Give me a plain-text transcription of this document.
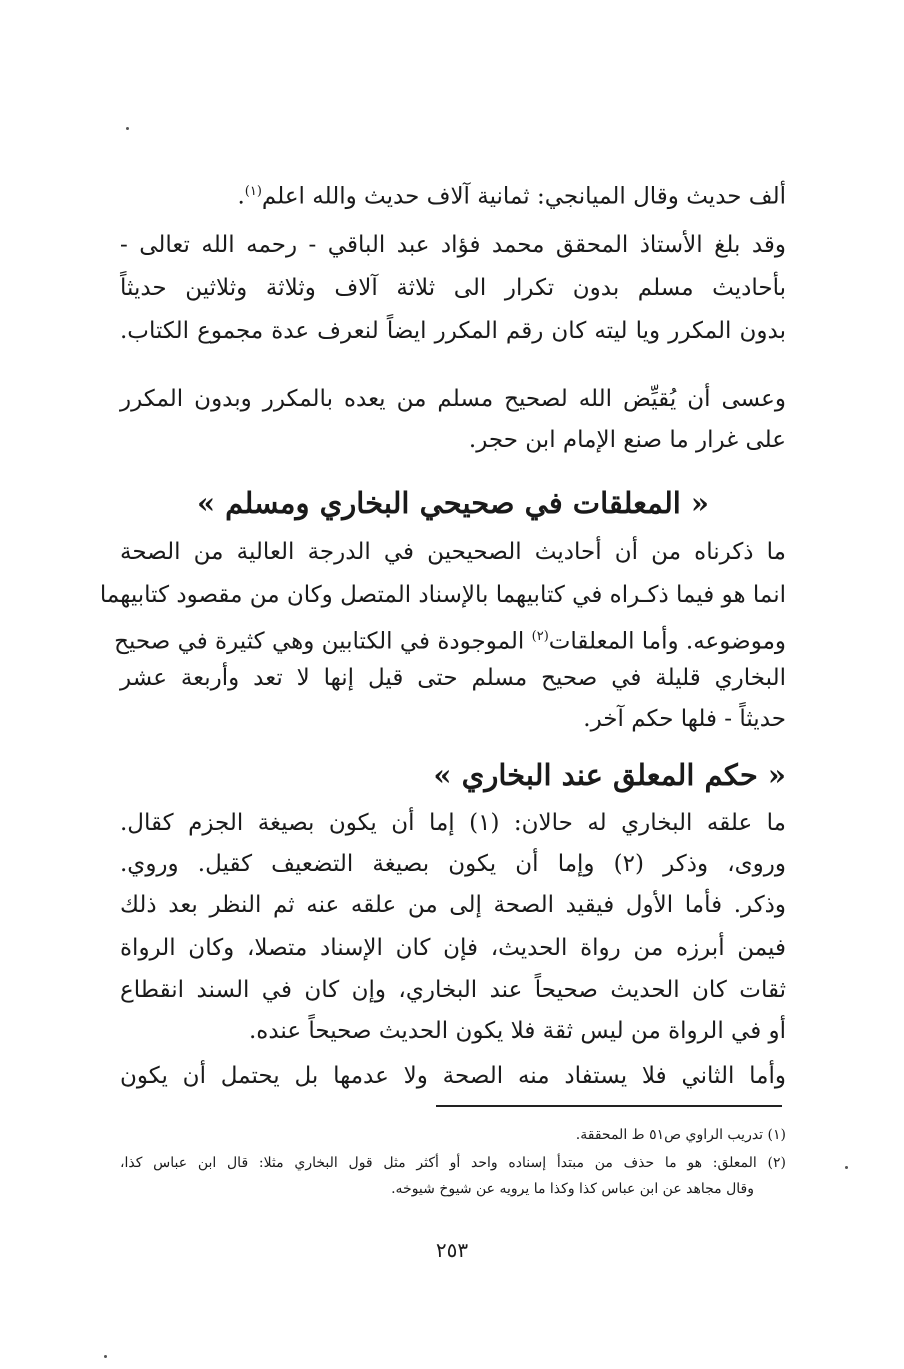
ألف حديث وقال الميانجي: ثمانية آلاف حديث والله اعلم$^{(١)}$.
وقد بلغ الأستاذ المحقق محمد فؤاد عبد الباقي - رحمه الله تعالى -
بأحاديث مسلم بدون تكرار الى ثلاثة آلاف وثلاثة وثلاثين حديثاً
بدون المكرر ويا ليته كان رقم المكرر ايضاً لنعرف عدة مجموع الكتاب.
وعسى أن يُقيِّض الله لصحيح مسلم من يعده بالمكرر وبدون المكرر
على غرار ما صنع الإمام ابن حجر.
« المعلقات في صحيحي البخاري ومسلم »
ما ذكرناه من أن أحاديث الصحيحين في الدرجة العالية من الصحة
انما هو فيما ذكـراه في كتابيهما بالإسناد المتصل وكان من مقصود كتابيهما
وموضوعه. وأما المعلقات$^{(٢)}$ الموجودة في الكتابين وهي كثيرة في صحيح
البخاري قليلة في صحيح مسلم حتى قيل إنها لا تعد وأربعة عشر
حديثاً - فلها حكم آخر.
« حكم المعلق عند البخاري »
ما علقه البخاري له حالان: (١) إما أن يكون بصيغة الجزم كقال.
وروى، وذكر (٢) وإما أن يكون بصيغة التضعيف كقيل. وروي.
وذكر. فأما الأول فيقيد الصحة إلى من علقه عنه ثم النظر بعد ذلك
فيمن أبرزه من رواة الحديث، فإن كان الإسناد متصلا، وكان الرواة
ثقات كان الحديث صحيحاً عند البخاري، وإن كان في السند انقطاع
أو في الرواة من ليس ثقة فلا يكون الحديث صحيحاً عنده.
وأما الثاني فلا يستفاد منه الصحة ولا عدمها بل يحتمل أن يكون
(١) تدريب الراوي ص٥١ ط المحققة.
(٢) المعلق: هو ما حذف من مبتدأ إسناده واحد أو أكثر مثل قول البخاري مثلا: قال ابن عباس كذا،
وقال مجاهد عن ابن عباس كذا وكذا ما يرويه عن شيوخ شيوخه.
٢٥٣
